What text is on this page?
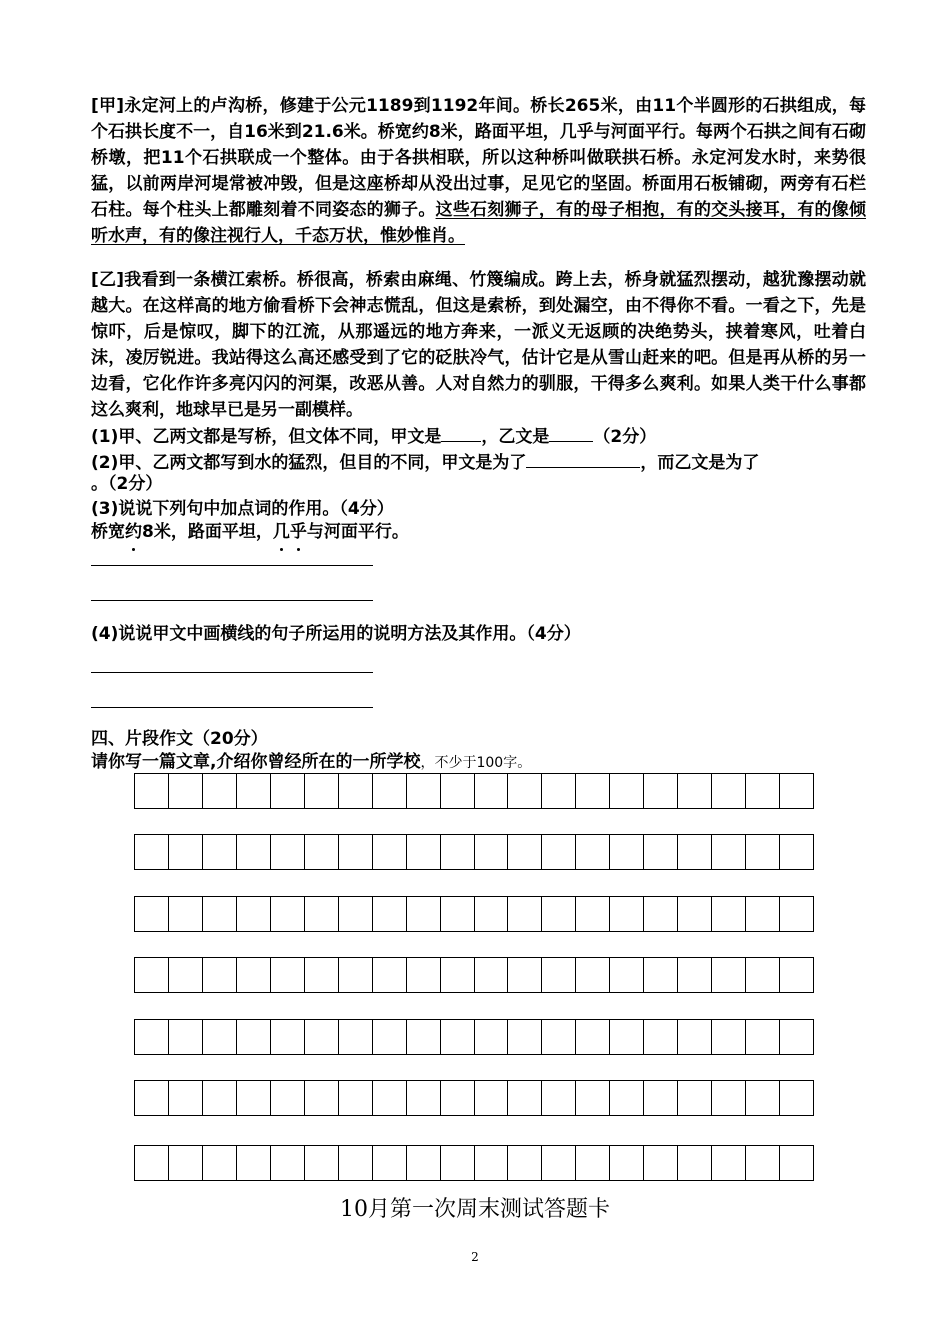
[甲]永定河上的卢沟桥，修建于公元1189到1192年间。桥长265米，由11个半圆形的石拱组成，每个石拱长度不一，自16米到21.6米。桥宽约8米，路面平坦，几乎与河面平行。每两个石拱之间有石砌桥墩，把11个石拱联成一个整体。由于各拱相联，所以这种桥叫做联拱石桥。永定河发水时，来势很猛，以前两岸河堤常被冲毁，但是这座桥却从没出过事，足见它的坚固。桥面用石板铺砌，两旁有石栏石柱。每个柱头上都雕刻着不同姿态的狮子。这些石刻狮子，有的母子相抱，有的交头接耳，有的像倾听水声，有的像注视行人，千态万状，惟妙惟肖。

[乙]我看到一条横江索桥。桥很高，桥索由麻绳、竹篾编成。跨上去，桥身就猛烈摆动，越犹豫摆动就越大。在这样高的地方偷看桥下会神志慌乱，但这是索桥，到处漏空，由不得你不看。一看之下，先是惊吓，后是惊叹，脚下的江流，从那遥远的地方奔来，一派义无返顾的决绝势头，挟着寒风，吐着白沫，凌厉锐进。我站得这么高还感受到了它的砭肤冷气，估计它是从雪山赶来的吧。但是再从桥的另一边看，它化作许多亮闪闪的河渠，改恶从善。人对自然力的驯服，干得多么爽利。如果人类干什么事都这么爽利，地球早已是另一副模样。

(1)甲、乙两文都是写桥，但文体不同，甲文是 ，乙文是	（2分）
(2)甲、乙两文都写到水的猛烈，但目的不同，甲文是为了	，而乙文是为了
。（2分）
(3)说说下列句中加点词的作用。（4分）
桥宽约8米，路面平坦，几乎与河面平行。
(4)说说甲文中画横线的句子所运用的说明方法及其作用。（4分）
四、片段作文（20分）
请你写一篇文章,介绍你曾经所在的一所学校，不少于100字。
10月第一次周末测试答题卡
2
